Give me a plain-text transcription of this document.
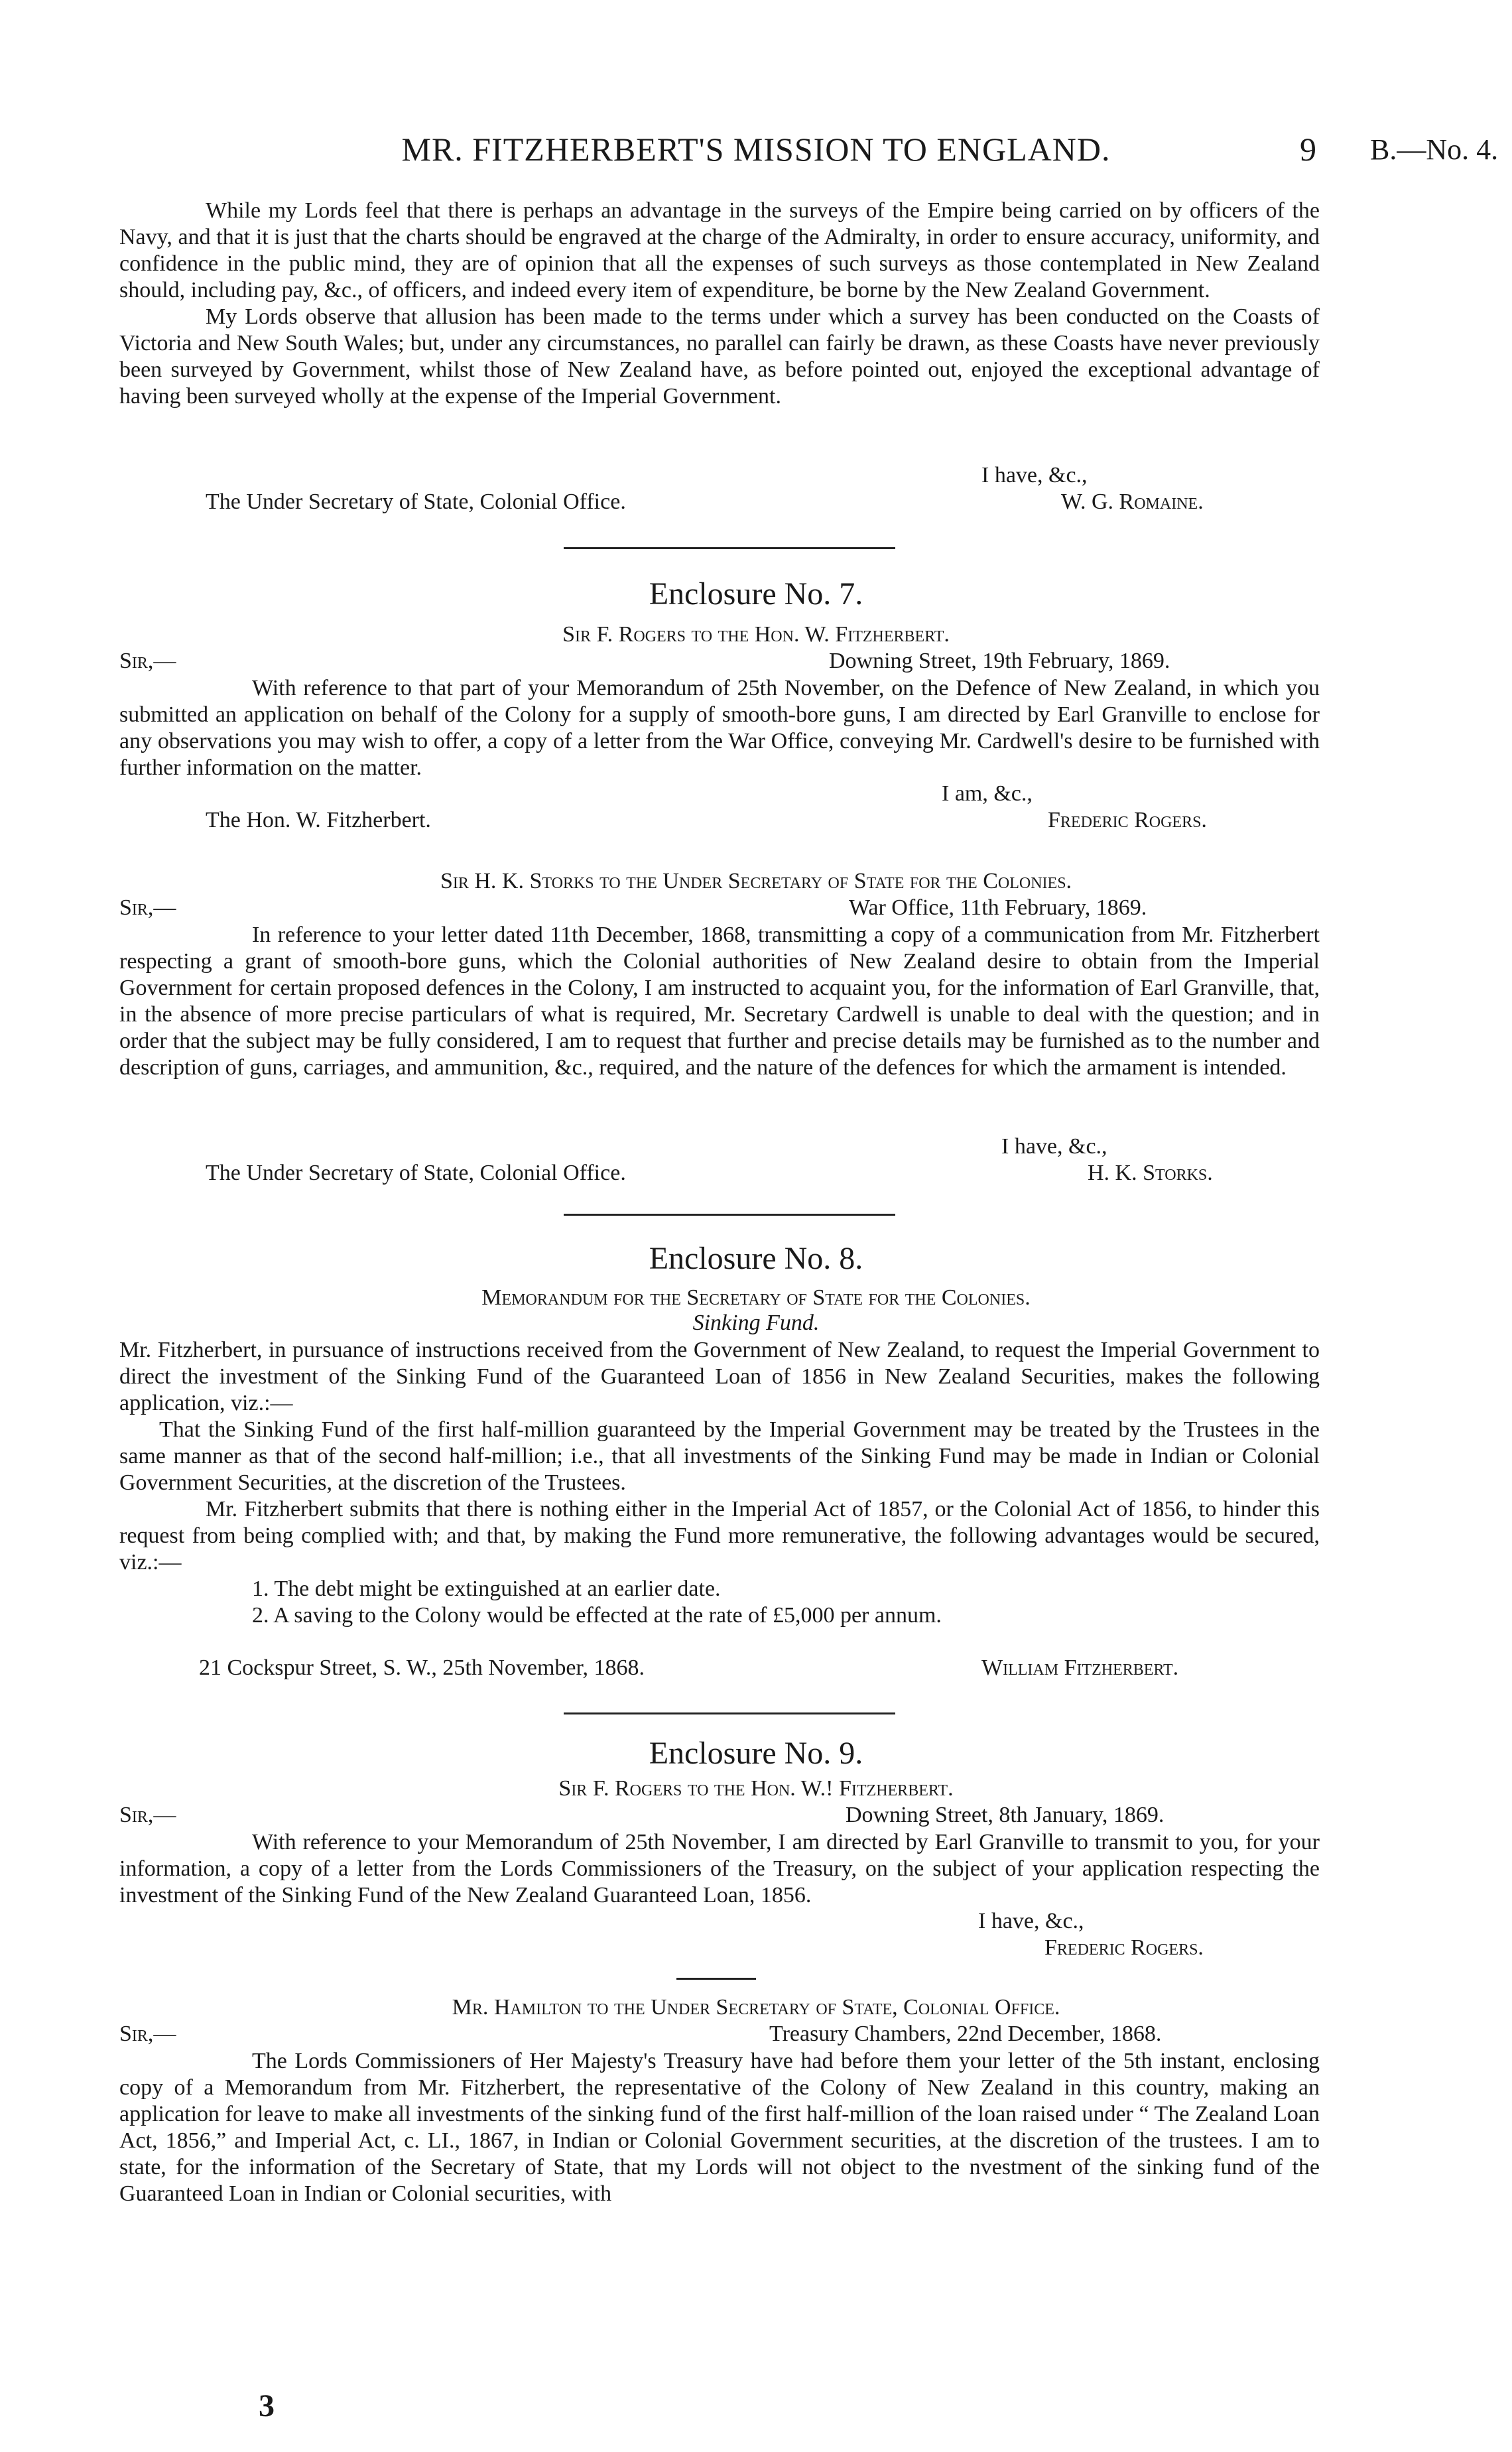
MR. FITZHERBERT'S MISSION TO ENGLAND.	9 B.—No. 4.

While my Lords feel that there is perhaps an advantage in the surveys of the Empire being carried on by officers of the Navy, and that it is just that the charts should be engraved at the charge of the Admiralty, in order to ensure accuracy, uniformity, and confidence in the public mind, they are of opinion that all the expenses of such surveys as those contemplated in New Zealand should, including pay, &c., of officers, and indeed every item of expenditure, be borne by the New Zealand Government.

My Lords observe that allusion has been made to the terms under which a survey has been conducted on the Coasts of Victoria and New South Wales; but, under any circumstances, no parallel can fairly be drawn, as these Coasts have never previously been surveyed by Government, whilst those of New Zealand have, as before pointed out, enjoyed the exceptional advantage of having been surveyed wholly at the expense of the Imperial Government.

I have, &c.,
The Under Secretary of State, Colonial Office.	W. G. Romaine.
Enclosure No. 7.
Sir F. Rogers to the Hon. W. Fitzherbert.
Sir,—	Downing Street, 19th February, 1869.

With reference to that part of your Memorandum of 25th November, on the Defence of New Zealand, in which you submitted an application on behalf of the Colony for a supply of smooth-bore guns, I am directed by Earl Granville to enclose for any observations you may wish to offer, a copy of a letter from the War Office, conveying Mr. Cardwell's desire to be furnished with further information on the matter.

I am, &c.,
The Hon. W. Fitzherbert.	Frederic Rogers.
Sir H. K. Storks to the Under Secretary of State for the Colonies.
Sir,—	War Office, 11th February, 1869.

In reference to your letter dated 11th December, 1868, transmitting a copy of a communication from Mr. Fitzherbert respecting a grant of smooth-bore guns, which the Colonial authorities of New Zealand desire to obtain from the Imperial Government for certain proposed defences in the Colony, I am instructed to acquaint you, for the information of Earl Granville, that, in the absence of more precise particulars of what is required, Mr. Secretary Cardwell is unable to deal with the question; and in order that the subject may be fully considered, I am to request that further and precise details may be furnished as to the number and description of guns, carriages, and ammunition, &c., required, and the nature of the defences for which the armament is intended.

I have, &c.,
The Under Secretary of State, Colonial Office.	H. K. Storks.
Enclosure No. 8.
Memorandum for the Secretary of State for the Colonies.
Sinking Fund.

Mr. Fitzherbert, in pursuance of instructions received from the Government of New Zealand, to request the Imperial Government to direct the investment of the Sinking Fund of the Guaranteed Loan of 1856 in New Zealand Securities, makes the following application, viz.:—

That the Sinking Fund of the first half-million guaranteed by the Imperial Government may be treated by the Trustees in the same manner as that of the second half-million; i.e., that all investments of the Sinking Fund may be made in Indian or Colonial Government Securities, at the discretion of the Trustees.

Mr. Fitzherbert submits that there is nothing either in the Imperial Act of 1857, or the Colonial Act of 1856, to hinder this request from being complied with; and that, by making the Fund more remunerative, the following advantages would be secured, viz.:—

1. The debt might be extinguished at an earlier date.

2. A saving to the Colony would be effected at the rate of £5,000 per annum.

21 Cockspur Street, S. W., 25th November, 1868.	William Fitzherbert.
Enclosure No. 9.
Sir F. Rogers to the Hon. W.! Fitzherbert.
Sir,—	Downing Street, 8th January, 1869.

With reference to your Memorandum of 25th November, I am directed by Earl Granville to transmit to you, for your information, a copy of a letter from the Lords Commissioners of the Treasury, on the subject of your application respecting the investment of the Sinking Fund of the New Zealand Guaranteed Loan, 1856.

I have, &c.,
Frederic Rogers.
Mr. Hamilton to the Under Secretary of State, Colonial Office.
Sir,—	Treasury Chambers, 22nd December, 1868.

The Lords Commissioners of Her Majesty's Treasury have had before them your letter of the 5th instant, enclosing copy of a Memorandum from Mr. Fitzherbert, the representative of the Colony of New Zealand in this country, making an application for leave to make all investments of the sinking fund of the first half-million of the loan raised under “ The Zealand Loan Act, 1856,” and Imperial Act, c. LI., 1867, in Indian or Colonial Government securities, at the discretion of the trustees. I am to state, for the information of the Secretary of State, that my Lords will not object to the nvestment of the sinking fund of the Guaranteed Loan in Indian or Colonial securities, with

3
